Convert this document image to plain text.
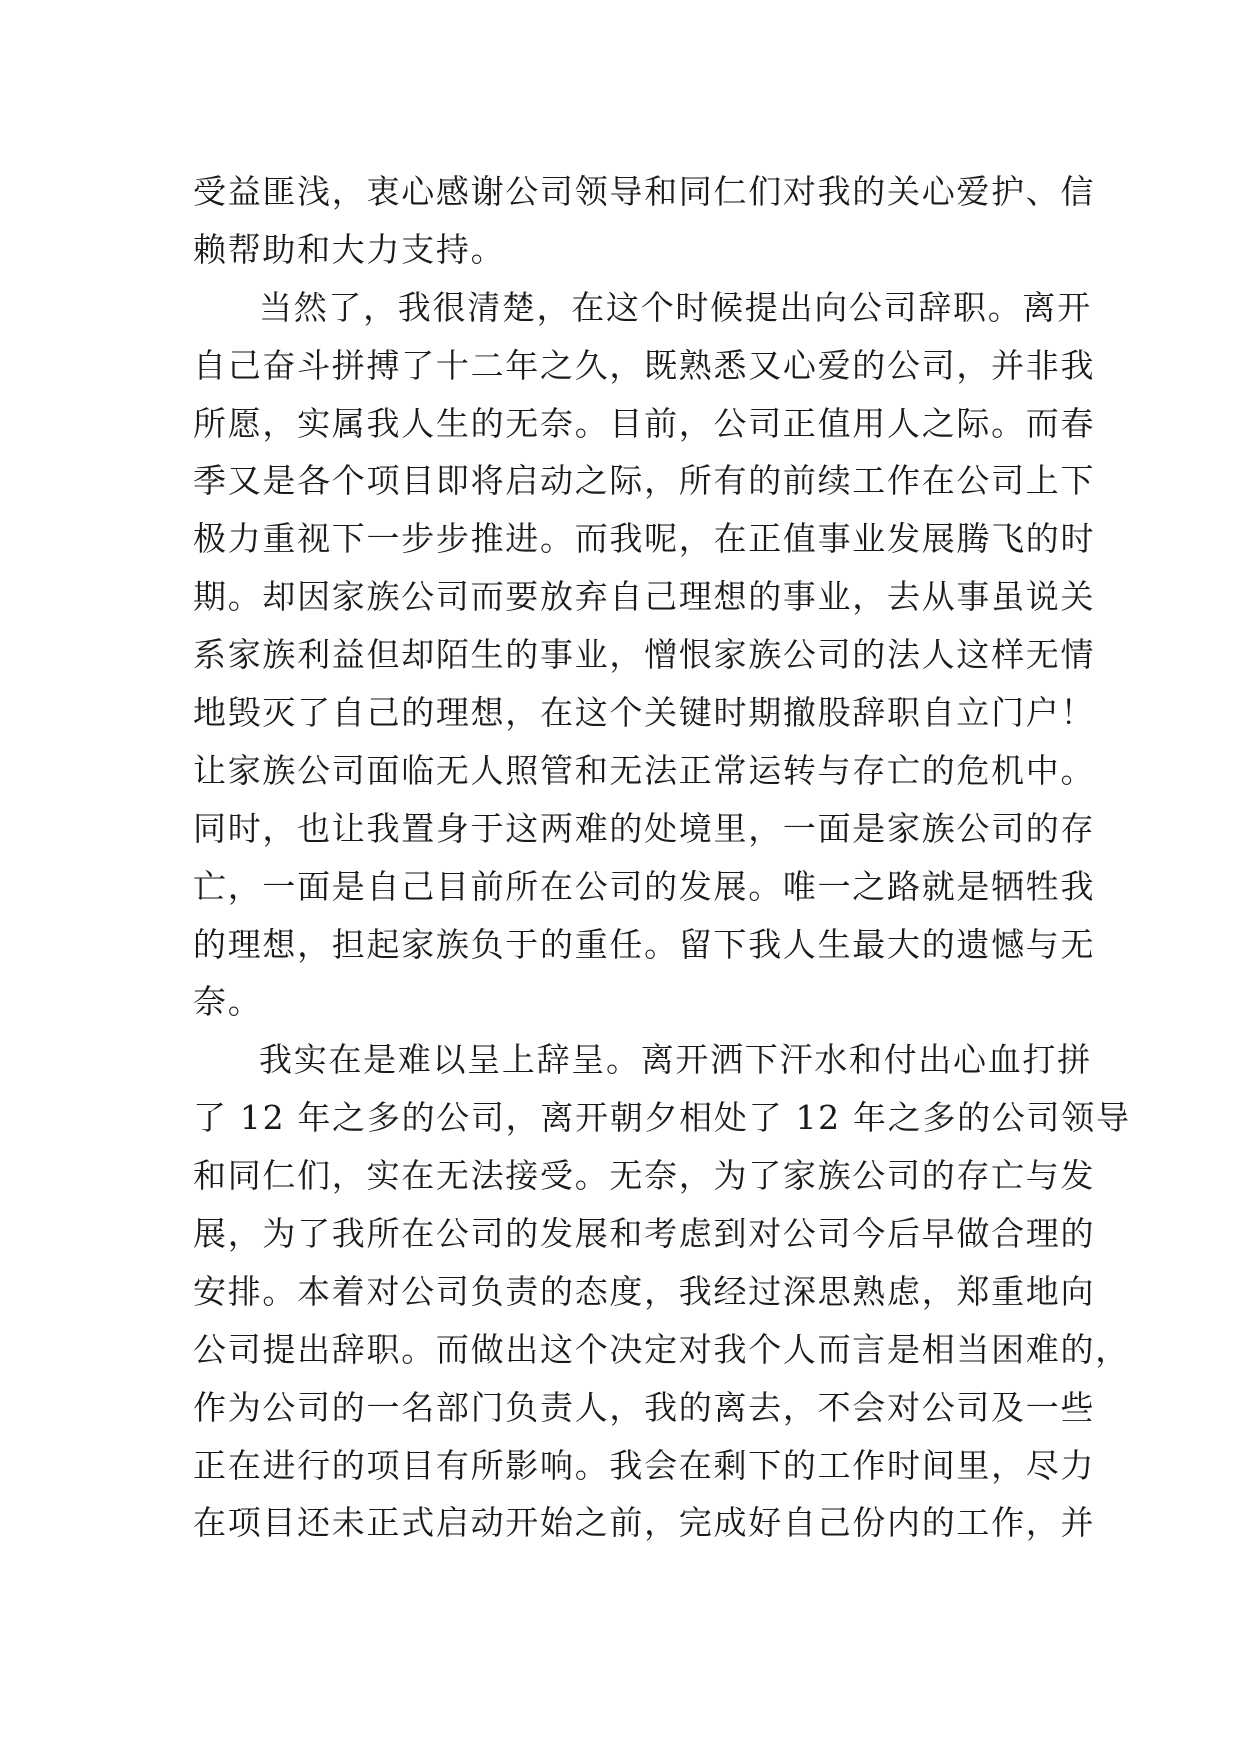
受益匪浅，衷心感谢公司领导和同仁们对我的关心爱护、信
赖帮助和大力支持。
当然了，我很清楚，在这个时候提出向公司辞职。离开
自己奋斗拼搏了十二年之久，既熟悉又心爱的公司，并非我
所愿，实属我人生的无奈。目前，公司正值用人之际。而春
季又是各个项目即将启动之际，所有的前续工作在公司上下
极力重视下一步步推进。而我呢，在正值事业发展腾飞的时
期。却因家族公司而要放弃自己理想的事业，去从事虽说关
系家族利益但却陌生的事业，憎恨家族公司的法人这样无情
地毁灭了自己的理想，在这个关键时期撤股辞职自立门户！
让家族公司面临无人照管和无法正常运转与存亡的危机中。
同时，也让我置身于这两难的处境里，一面是家族公司的存
亡，一面是自己目前所在公司的发展。唯一之路就是牺牲我
的理想，担起家族负于的重任。留下我人生最大的遗憾与无
奈。
我实在是难以呈上辞呈。离开洒下汗水和付出心血打拼
了 12 年之多的公司，离开朝夕相处了 12 年之多的公司领导
和同仁们，实在无法接受。无奈，为了家族公司的存亡与发
展，为了我所在公司的发展和考虑到对公司今后早做合理的
安排。本着对公司负责的态度，我经过深思熟虑，郑重地向
公司提出辞职。而做出这个决定对我个人而言是相当困难的，
作为公司的一名部门负责人，我的离去，不会对公司及一些
正在进行的项目有所影响。我会在剩下的工作时间里，尽力
在项目还未正式启动开始之前，完成好自己份内的工作，并
